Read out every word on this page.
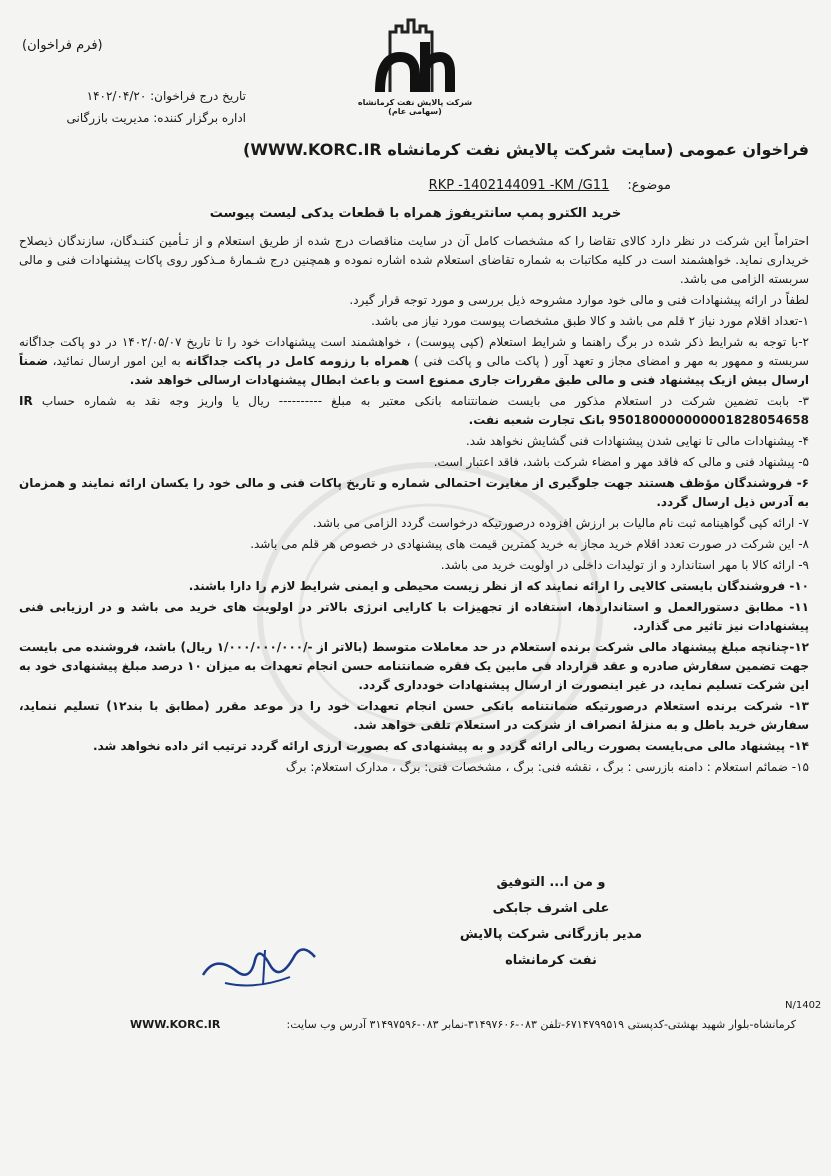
(فرم فراخوان)
شرکت پالایش نفت کرمانشاه (سهامی عام)
تاریخ درج فراخوان: ۱۴۰۲/۰۴/۲۰
اداره برگزار کننده: مدیریت بازرگانی
فراخوان عمومی (سایت شرکت پالایش نفت کرمانشاه WWW.KORC.IR)
موضوع: RKP -1402144091 -KM /G11
خرید الکترو پمپ سانتریفوژ همراه با قطعات یدکی لیست پیوست

احتراماً این شرکت در نظر دارد کالای تقاضا را که مشخصات کامل آن در سایت مناقصات درج شده از طریق استعلام و از تـأمین کننـدگان، سازندگان ذیصلاح خریداری نماید. خواهشمند است در کلیه مکاتبات به شماره تقاضای استعلام شده اشاره نموده و همچنین درج شـمارۀ مـذکور روی پاکات پیشنهادات فنی و مالی سربسته الزامی می باشد.

لطفاً در ارائه پیشنهادات فنی و مالی خود موارد مشروحه ذیل بررسی و مورد توجه قرار گیرد.

۱-تعداد اقلام مورد نیاز ۲ قلم می باشد و کالا طبق مشخصات پیوست مورد نیاز می باشد.

۲-با توجه به شرایط ذکر شده در برگ راهنما و شرایط استعلام (کپی پیوست) ، خواهشمند است پیشنهادات خود را تا تاریخ ۱۴۰۲/۰۵/۰۷ در دو پاکت جداگانه سربسته و ممهور به مهر و امضای مجاز و تعهد آور ( پاکت مالی و پاکت فنی ) همراه با رزومه کامل در پاکت جداگانه به این امور ارسال نمائید، ضمناً ارسال بیش ازیک پیشنهاد فنی و مالی طبق مقررات جاری ممنوع است و باعث ابطال پیشنهادات ارسالی خواهد شد.

۳- بابت تضمین شرکت در استعلام مذکور می بایست ضمانتنامه بانکی معتبر به مبلغ ---------- ریال یا واریز وجه نقد به شماره حساب IR 950180000000001828054658 بانک تجارت شعبه نفت.

۴- پیشنهادات مالی تا نهایی شدن پیشنهادات فنی گشایش نخواهد شد.

۵- پیشنهاد فنی و مالی که فاقد مهر و امضاء شرکت باشد، فاقد اعتبار است.

۶- فروشندگان مؤظف هستند جهت جلوگیری از مغایرت احتمالی شماره و تاریخ پاکات فنی و مالی خود را یکسان ارائه نمایند و همزمان به آدرس ذیل ارسال گردد.

۷- ارائه کپی گواهینامه ثبت نام مالیات بر ارزش افزوده درصورتیکه درخواست گردد الزامی می باشد.

۸- این شرکت در صورت تعدد اقلام خرید مجاز به خرید کمترین قیمت های پیشنهادی در خصوص هر قلم می باشد.

۹- ارائه کالا با مهر استاندارد و از تولیدات داخلی در اولویت خرید می باشد.

۱۰- فروشندگان بایستی کالایی را ارائه نمایند که از نظر زیست محیطی و ایمنی شرایط لازم را دارا باشند.

۱۱- مطابق دستورالعمل و استانداردها، استفاده از تجهیزات با کارایی انرژی بالاتر در اولویت های خرید می باشد و در ارزیابی فنی پیشنهادات نیز تاثیر می گذارد.

۱۲-چنانچه مبلغ پیشنهاد مالی شرکت برنده استعلام در حد معاملات متوسط (بالاتر از -/۱/۰۰۰/۰۰۰/۰۰۰ ریال) باشد، فروشنده می بایست جهت تضمین سفارش صادره و عقد قرارداد فی مابین یک فقره ضمانتنامه حسن انجام تعهدات به میزان ۱۰ درصد مبلغ پیشنهادی خود به این شرکت تسلیم نماید، در غیر اینصورت از ارسال پیشنهادات خودداری گردد.

۱۳- شرکت برنده استعلام درصورتیکه ضمانتنامه بانکی حسن انجام تعهدات خود را در موعد مقرر (مطابق با بند۱۲) تسلیم ننماید، سفارش خرید باطل و به منزلهٔ انصراف از شرکت در استعلام تلقی خواهد شد.

۱۴- پیشنهاد مالی می‌بایست بصورت ریالی ارائه گردد و به پیشنهادی که بصورت ارزی ارائه گردد ترتیب اثر داده نخواهد شد.

۱۵- ضمائم استعلام : دامنه بازرسی : برگ ، نقشه فنی: برگ ، مشخصات فنی: برگ ، مدارک استعلام: برگ

و من ا... التوفیق
علی اشرف جابکی
مدیر بازرگانی شرکت پالایش نفت کرمانشاه
N/1402
کرمانشاه-بلوار شهید بهشتی-کدپستی ۶۷۱۴۷۹۹۵۱۹-تلفن ۰۸۳-۳۱۴۹۷۶۰۶-نمابر ۰۸۳-۳۱۴۹۷۵۹۶ آدرس وب سایت:
WWW.KORC.IR
